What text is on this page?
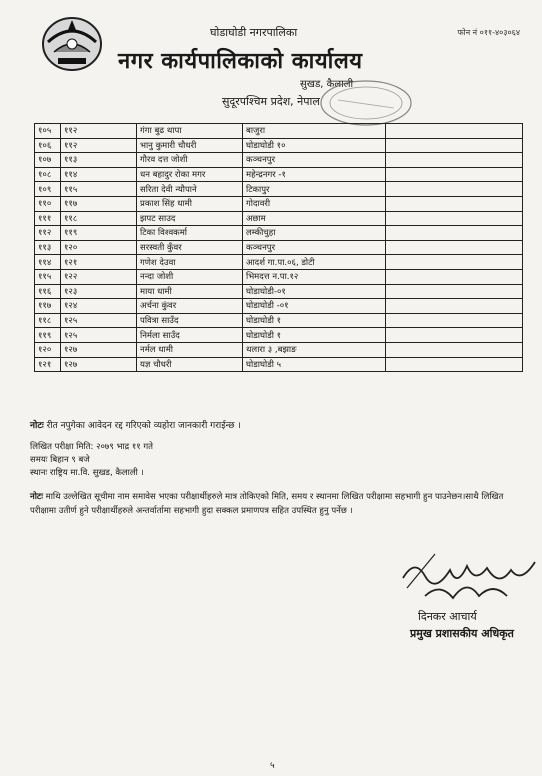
घोडाघोडी नगरपालिका	फोन नं ०११-४०३०६४
नगर कार्यपालिकाको कार्यालय
सुखड, कैलाली
सुदूरपश्चिम प्रदेश, नेपाल
१०५	११२	गंगा बुढ थापा	बाजुरा	
१०६	११२	भानु कुमारी चौधरी	घोडाघोडी १०	
१०७	११३	गौरव दत्त जोशी	कञ्चनपुर	
१०८	११४	धन बहादुर रोका मगर	महेन्द्रनगर -१	
१०९	११५	सरिता देवी न्यौपाने	टिकापुर	
११०	११७	प्रकाश सिंह धामी	गोदावरी	
१११	११८	झपट साउद	अछाम	
११२	११९	टिका विश्वकर्मा	लम्कीचुहा	
११३	१२०	सरस्वती कुँवर	कञ्चनपुर	
११४	१२१	गणेश देउवा	आदर्श गा.पा.०६, डोटी	
११५	१२२	नन्दा जोशी	भिमदत्त न.पा.१२	
११६	१२३	माया धामी	घोडाघोडी-०१	
११७	१२४	अर्चना कुंवर	घोडाघोडी -०१	
११८	१२५	पवित्रा साउँद	घोडाघोडी १	
११९	१२५	निर्मला साउँद	घोडाघोडी १	
१२०	१२७	नर्मल धामी	थलारा ३ ,बझाङ	
१२१	१२७	यज्ञ चौधरी	घोडाघोडी ५	
नोटः रीत नपुगेका आवेदन रद्द गरिएको व्यहोरा जानकारी गराईन्छ ।
लिखित परीक्षा मिति: २०७९ भाद्र ११ गते
समयः बिहान ९ बजे
स्थानः राष्ट्रिय मा.वि. सुखड, कैलाली ।
नोटः माथि उल्लेखित सूचीमा नाम समावेस भएका परीक्षार्थीहरुले मात्र तोकिएको मिति, समय र स्थानमा लिखित परीक्षामा सहभागी हुन पाउनेछन।साथै लिखित परीक्षामा उतीर्ण हुने परीक्षार्थीहरुले अन्तर्वार्तामा सहभागी हुदा सक्कल प्रमाणपत्र सहित उपस्थित हुनु पर्नेछ ।
दिनकर आचार्य
प्रमुख प्रशासकीय अधिकृत
५
